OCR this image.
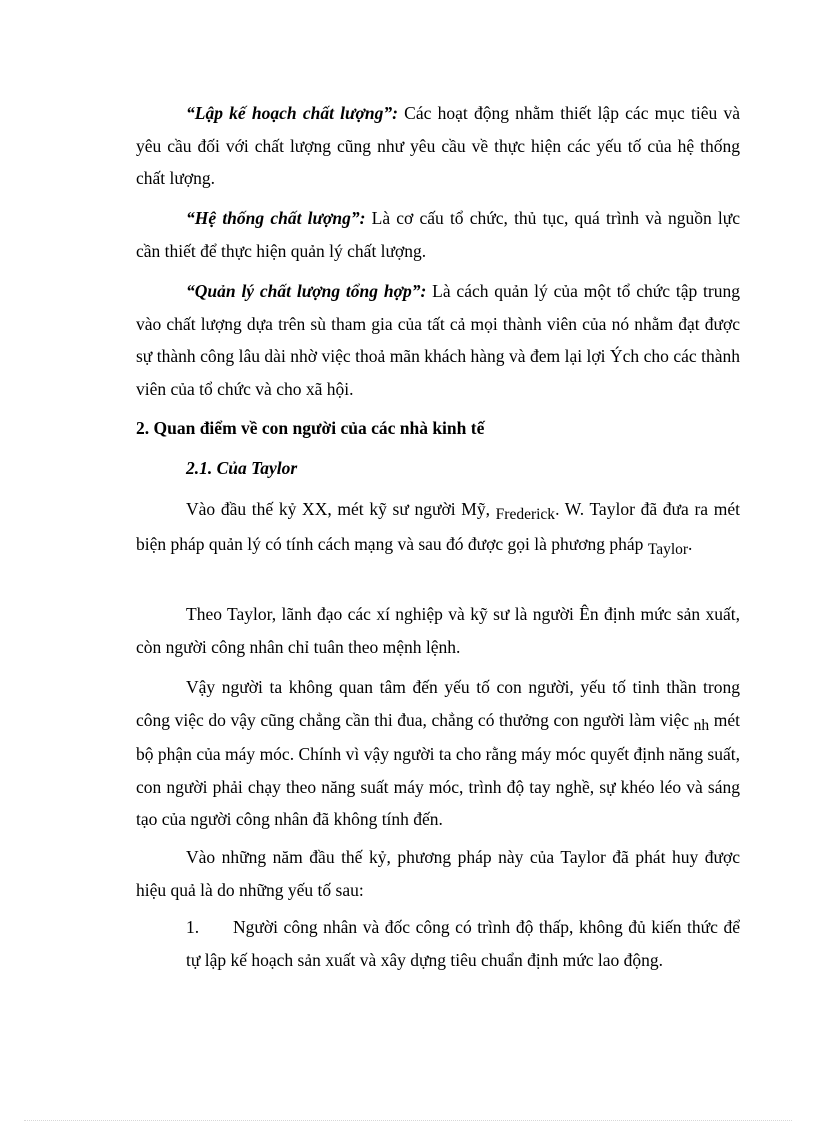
“Lập kế hoạch chất lượng”: Các hoạt động nhằm thiết lập các mục tiêu và yêu cầu đối với chất lượng cũng như yêu cầu về thực hiện các yếu tố của hệ thống chất lượng.

“Hệ thống chất lượng”: Là cơ cấu tổ chức, thủ tục, quá trình và nguồn lực cần thiết để thực hiện quản lý chất lượng.

“Quản lý chất lượng tổng hợp”: Là cách quản lý của một tổ chức tập trung vào chất lượng dựa trên sù tham gia của tất cả mọi thành viên của nó nhằm đạt được sự thành công lâu dài nhờ việc thoả mãn khách hàng và đem lại lợi Ých cho các thành viên của tổ chức và cho xã hội.

2. Quan điểm về con người của các nhà kinh tế

2.1. Của Taylor

Vào đầu thế kỷ XX, mét kỹ sư người Mỹ, Frederick. W. Taylor đã đưa ra mét biện pháp quản lý có tính cách mạng và sau đó được gọi là phương pháp Taylor.

Theo Taylor, lãnh đạo các xí nghiệp và kỹ sư là người Ên định mức sản xuất, còn người công nhân chỉ tuân theo mệnh lệnh.

Vậy người ta không quan tâm đến yếu tố con người, yếu tố tinh thần trong công việc do vậy cũng chẳng cần thi đua, chẳng có thưởng con người làm việc nh mét bộ phận của máy móc. Chính vì vậy người ta cho rằng máy móc quyết định năng suất, con người phải chạy theo năng suất máy móc, trình độ tay nghề, sự khéo léo và sáng tạo của người công nhân đã không tính đến.

Vào những năm đầu thế kỷ, phương pháp này của Taylor đã phát huy được hiệu quả là do những yếu tố sau:

1. Người công nhân và đốc công có trình độ thấp, không đủ kiến thức để tự lập kế hoạch sản xuất và xây dựng tiêu chuẩn định mức lao động.
